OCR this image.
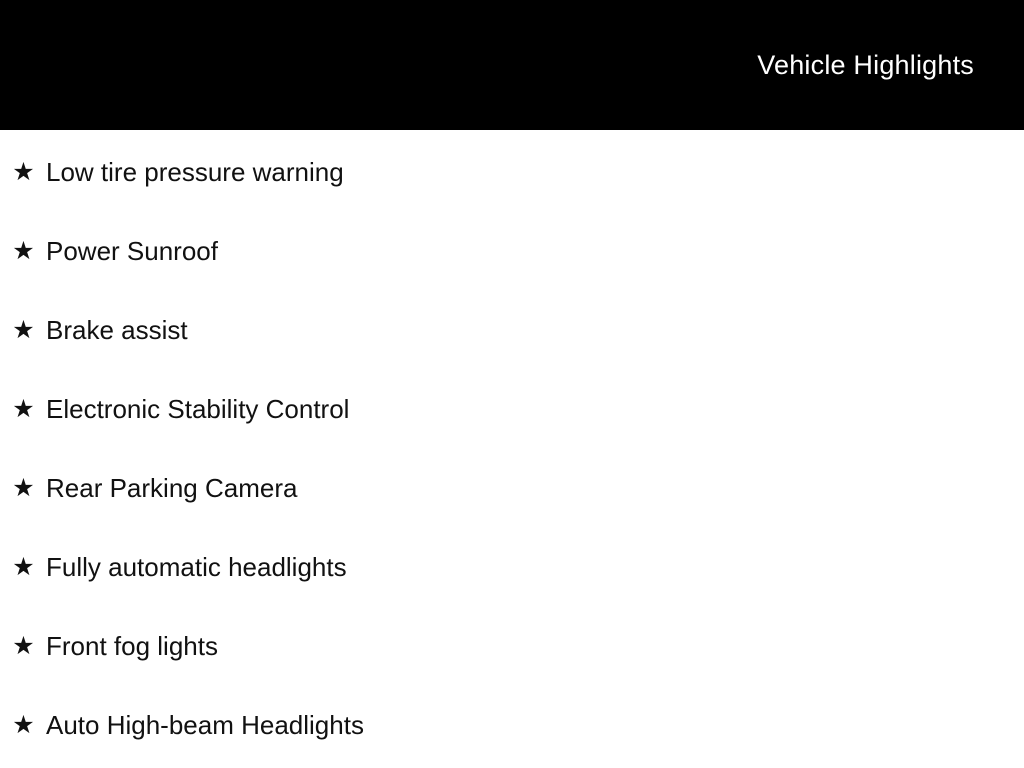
Vehicle Highlights
★ Low tire pressure warning
★ Power Sunroof
★ Brake assist
★ Electronic Stability Control
★ Rear Parking Camera
★ Fully automatic headlights
★ Front fog lights
★ Auto High-beam Headlights
